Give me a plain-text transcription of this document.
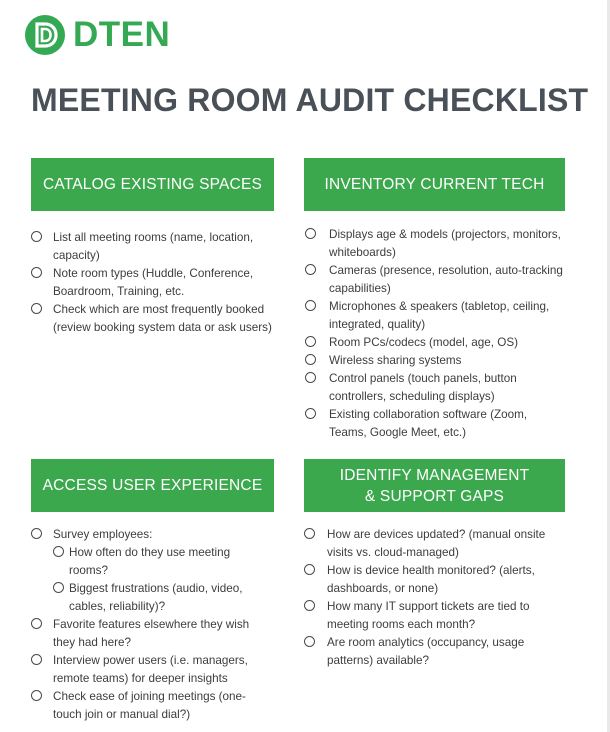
DTEN
MEETING ROOM AUDIT CHECKLIST
CATALOG EXISTING SPACES	INVENTORY CURRENT TECH
ACCESS USER EXPERIENCE
IDENTIFY MANAGEMENT
& SUPPORT GAPS
List all meeting rooms (name, location, capacity)
Note room types (Huddle, Conference, Boardroom, Training, etc.
Check which are most frequently booked (review booking system data or ask users)
Displays age & models (projectors, monitors, whiteboards)
Cameras (presence, resolution, auto-tracking capabilities)
Microphones & speakers (tabletop, ceiling, integrated, quality)
Room PCs/codecs (model, age, OS)
Wireless sharing systems
Control panels (touch panels, button controllers, scheduling displays)
Existing collaboration software (Zoom, Teams, Google Meet, etc.)
Survey employees:
How often do they use meeting rooms?
Biggest frustrations (audio, video, cables, reliability)?
Favorite features elsewhere they wish they had here?
Interview power users (i.e. managers, remote teams) for deeper insights
Check ease of joining meetings (one-touch join or manual dial?)
How are devices updated? (manual onsite visits vs. cloud-managed)
How is device health monitored? (alerts, dashboards, or none)
How many IT support tickets are tied to meeting rooms each month?
Are room analytics (occupancy, usage patterns) available?
